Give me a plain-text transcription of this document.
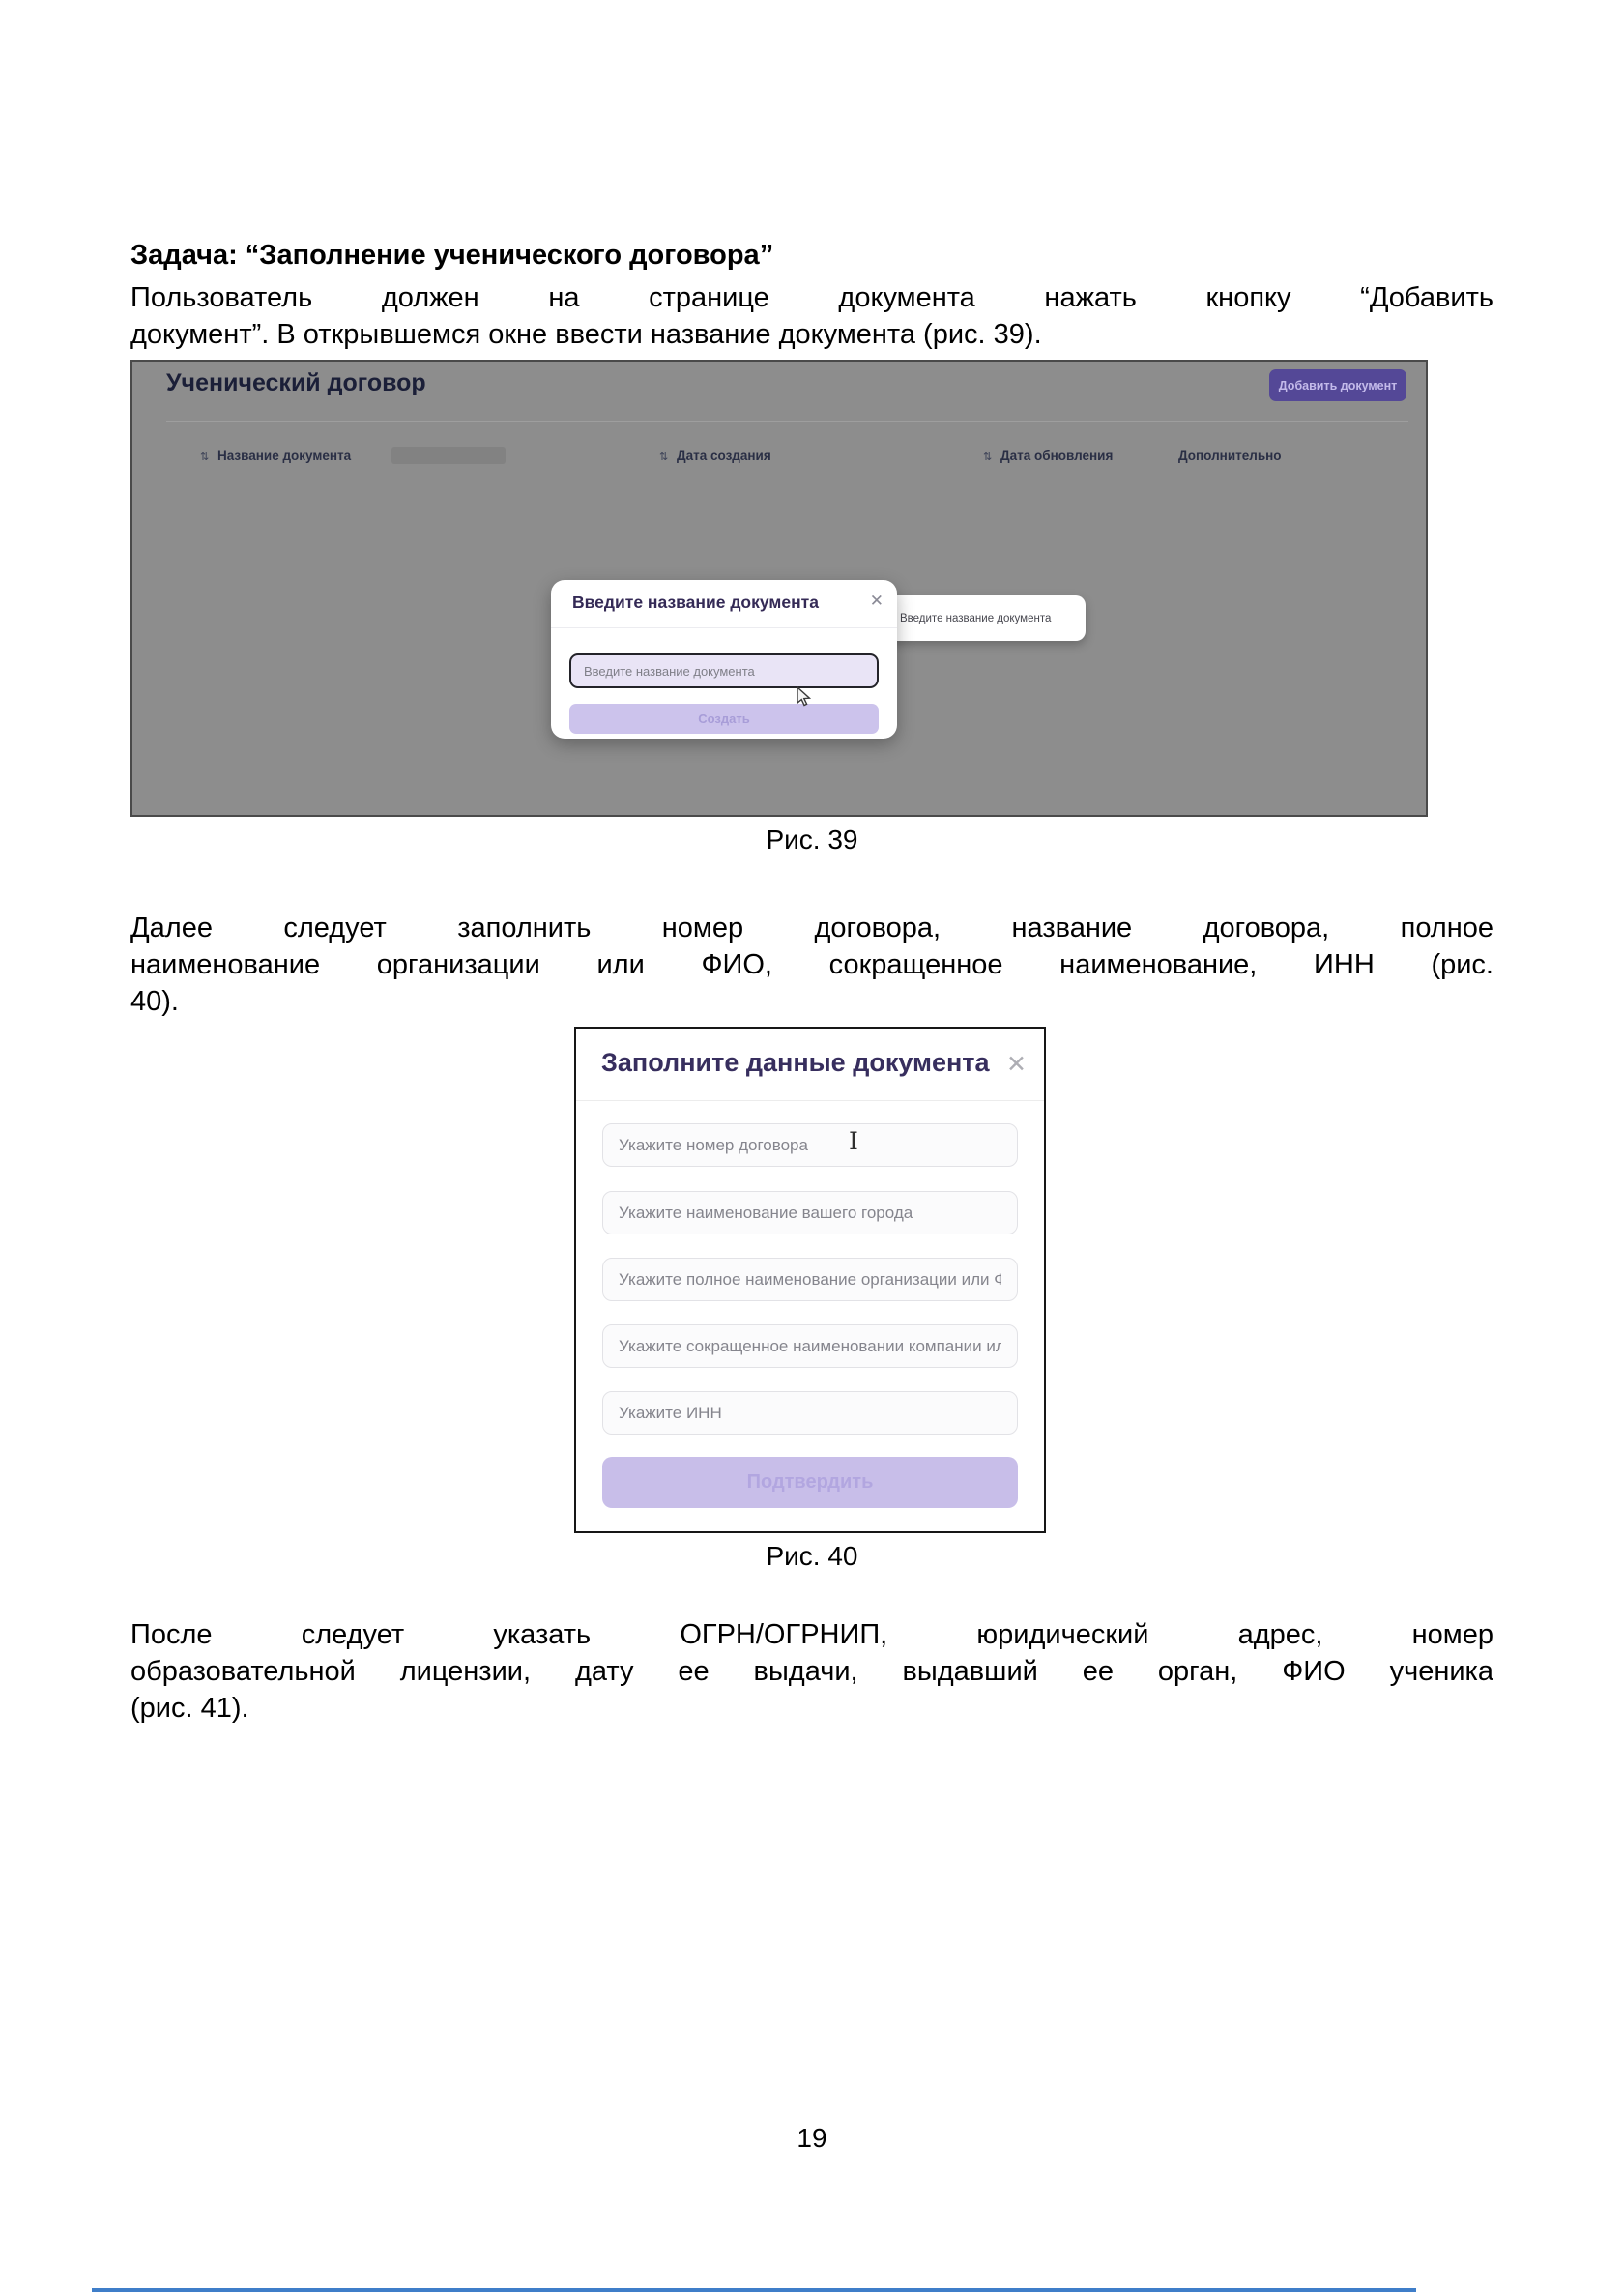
Задача: “Заполнение ученического договора”
Пользователь должен на странице документа нажать кнопку “Добавить
документ”. В открывшемся окне ввести название документа (рис. 39).
Ученический договор	Добавить документ
⇅ Название документа	⇅ Дата создания	⇅ Дата обновления	Дополнительно
Введите название документа	✕
Введите название документа
Создать
Введите название документа
Рис. 39
Далее следует заполнить номер договора, название договора, полное
наименование организации или ФИО, сокращенное наименование, ИНН (рис.
40).
Заполните данные документа ✕
Укажите номер договора
I
Укажите наименование вашего города
Укажите полное наименование организации или ФИО
Укажите сокращенное наименовании компании или Ф(
Укажите ИНН
Подтвердить
Рис. 40
После следует указать ОГРН/ОГРНИП, юридический адрес, номер
образовательной лицензии, дату ее выдачи, выдавший ее орган, ФИО ученика
(рис. 41).
19
